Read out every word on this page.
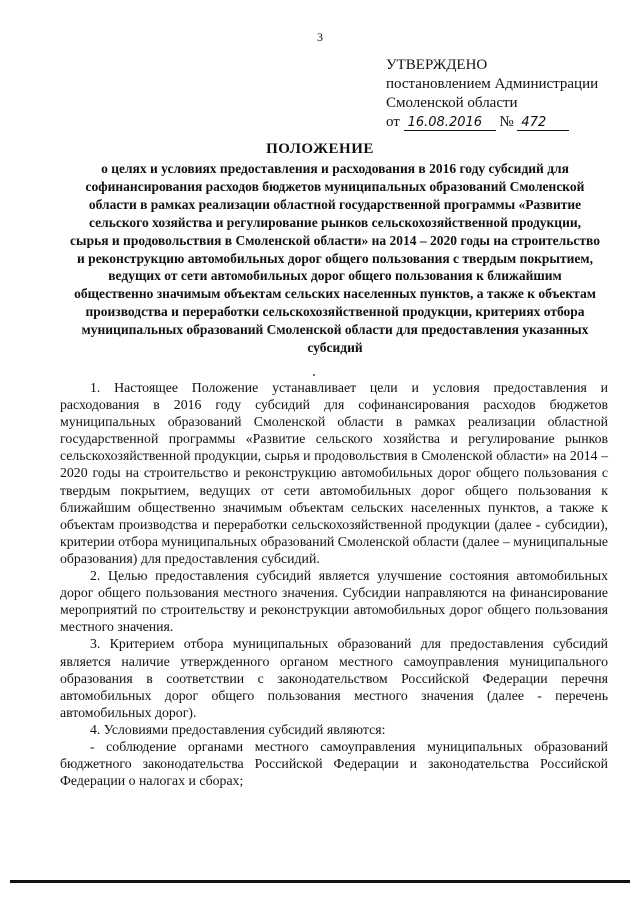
3
УТВЕРЖДЕНО
постановлением Администрации
Смоленской области
от 16.08.2016 № 472
ПОЛОЖЕНИЕ
о целях и условиях предоставления и расходования в 2016 году субсидий для софинансирования расходов бюджетов муниципальных образований Смоленской области в рамках реализации областной государственной программы «Развитие сельского хозяйства и регулирование рынков сельскохозяйственной продукции, сырья и продовольствия в Смоленской области» на 2014 – 2020 годы на строительство и реконструкцию автомобильных дорог общего пользования с твердым покрытием, ведущих от сети автомобильных дорог общего пользования к ближайшим общественно значимым объектам сельских населенных пунктов, а также к объектам производства и переработки сельскохозяйственной продукции, критериях отбора муниципальных образований Смоленской области для предоставления указанных субсидий

1. Настоящее Положение устанавливает цели и условия предоставления и расходования в 2016 году субсидий для софинансирования расходов бюджетов муниципальных образований Смоленской области в рамках реализации областной государственной программы «Развитие сельского хозяйства и регулирование рынков сельскохозяйственной продукции, сырья и продовольствия в Смоленской области» на 2014 – 2020 годы на строительство и реконструкцию автомобильных дорог общего пользования с твердым покрытием, ведущих от сети автомобильных дорог общего пользования к ближайшим общественно значимым объектам сельских населенных пунктов, а также к объектам производства и переработки сельскохозяйственной продукции (далее - субсидии), критерии отбора муниципальных образований Смоленской области (далее – муниципальные образования) для предоставления субсидий.

2. Целью предоставления субсидий является улучшение состояния автомобильных дорог общего пользования местного значения. Субсидии направляются на финансирование мероприятий по строительству и реконструкции автомобильных дорог общего пользования местного значения.

3. Критерием отбора муниципальных образований для предоставления субсидий является наличие утвержденного органом местного самоуправления муниципального образования в соответствии с законодательством Российской Федерации перечня автомобильных дорог общего пользования местного значения (далее - перечень автомобильных дорог).

4. Условиями предоставления субсидий являются:

- соблюдение органами местного самоуправления муниципальных образований бюджетного законодательства Российской Федерации и законодательства Российской Федерации о налогах и сборах;
